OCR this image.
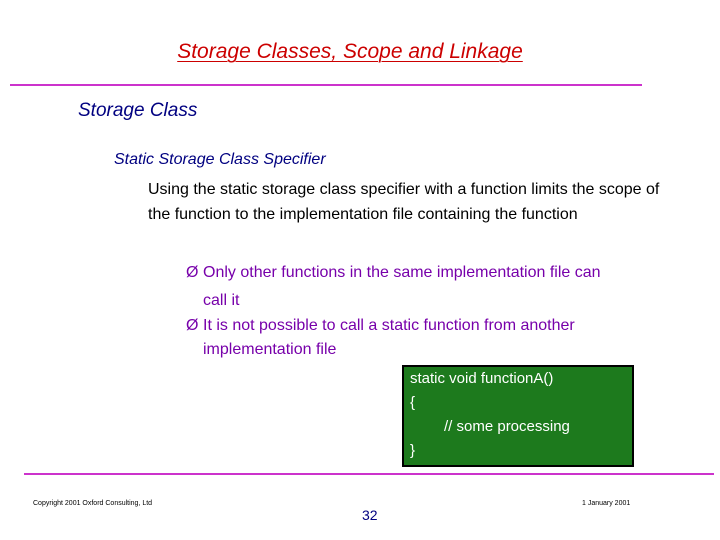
Storage Classes, Scope and Linkage
Storage Class
Static Storage Class Specifier
Using the static storage class specifier with a function limits the scope of the function to the implementation file containing the function
Ø Only other functions in the same implementation file can
call it
Ø It is not possible to call a static function from another
implementation file
static void functionA()
{
// some processing
}
Copyright 2001 Oxford Consulting, Ltd	1 January 2001
32
